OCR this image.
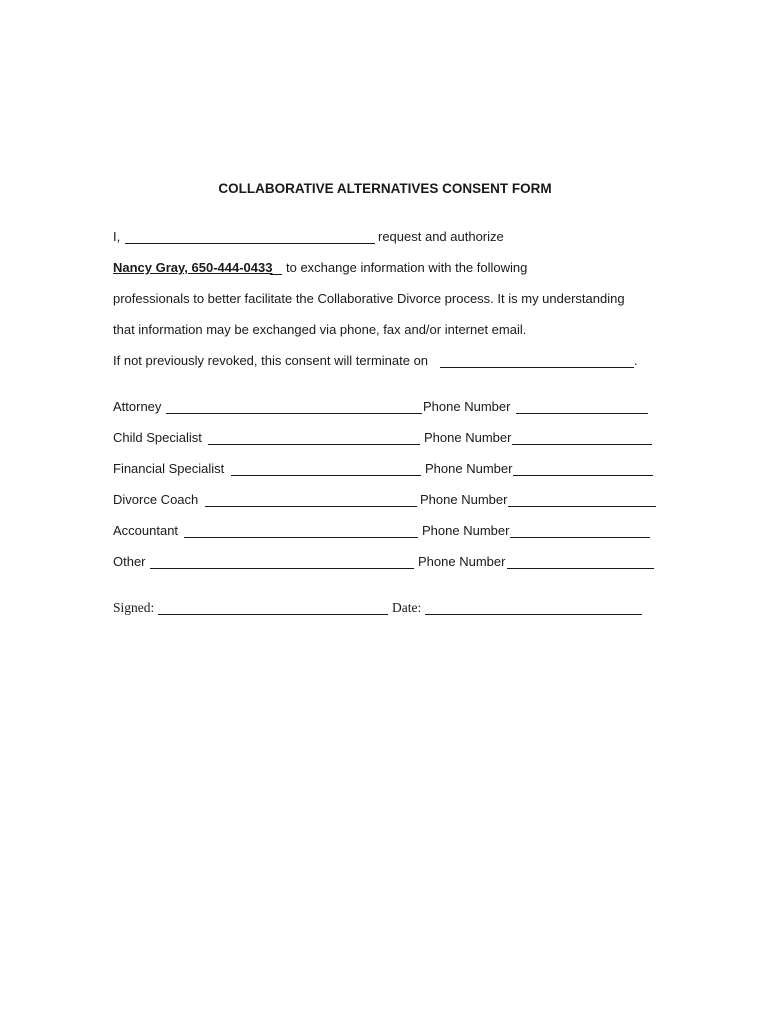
COLLABORATIVE ALTERNATIVES CONSENT FORM
I,	request and authorize
Nancy Gray, 650-444-0433 to exchange information with the following
professionals to better facilitate the Collaborative Divorce process. It is my understanding
that information may be exchanged via phone, fax and/or internet email.
If not previously revoked, this consent will terminate on	.
Attorney	Phone Number
Child Specialist	Phone Number
Financial Specialist	Phone Number
Divorce Coach	Phone Number
Accountant	Phone Number
Other	Phone Number
Signed:	Date:
